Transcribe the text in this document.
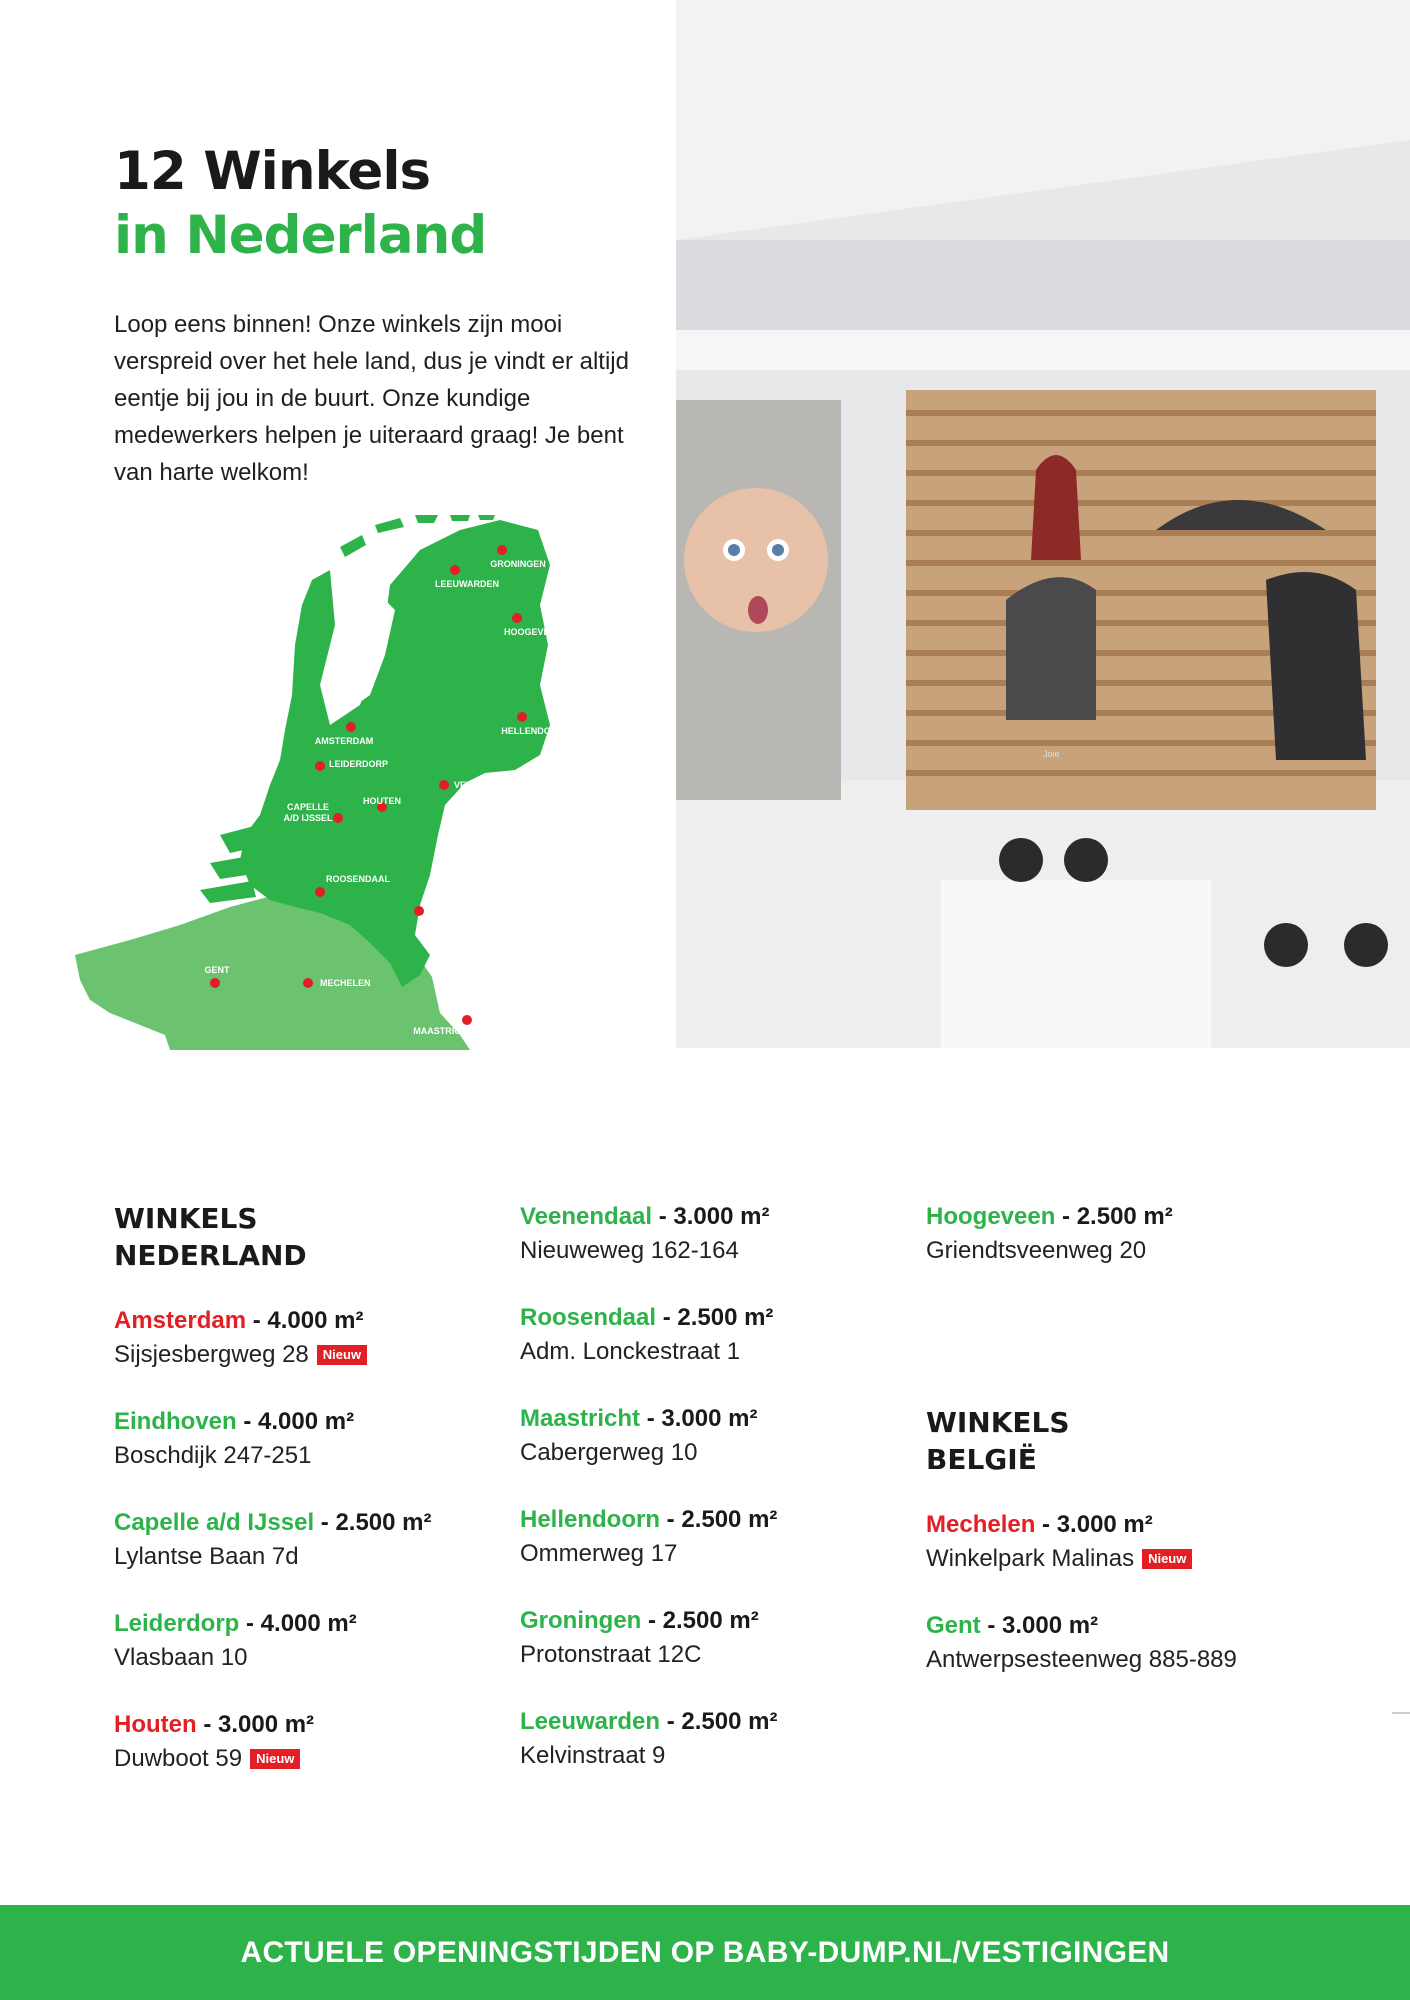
12 Winkels
in Nederland

Loop eens binnen! Onze winkels zijn mooi verspreid over het hele land, dus je vindt er altijd eentje bij jou in de buurt. Onze kundige medewerkers helpen je uiteraard graag! Je bent van harte welkom!

GRONINGEN
LEEUWARDEN
HOOGEVEEN
HELLENDOORN
AMSTERDAM
LEIDERDORP
VEENENDAAL
HOUTEN
CAPELLE
A/D IJSSEL
ROOSENDAAL
EINDHOVEN
GENT
MECHELEN
MAASTRICHT
Joie
WINKELS
NEDERLAND
Amsterdam - 4.000 m²
Sijsjesbergweg 28 Nieuw
Eindhoven - 4.000 m²
Boschdijk 247-251
Capelle a/d IJssel - 2.500 m²
Lylantse Baan 7d
Leiderdorp - 4.000 m²
Vlasbaan 10
Houten - 3.000 m²
Duwboot 59 Nieuw
Veenendaal - 3.000 m²
Nieuweweg 162-164
Roosendaal - 2.500 m²
Adm. Lonckestraat 1
Maastricht - 3.000 m²
Cabergerweg 10
Hellendoorn - 2.500 m²
Ommerweg 17
Groningen - 2.500 m²
Protonstraat 12C
Leeuwarden - 2.500 m²
Kelvinstraat 9
Hoogeveen - 2.500 m²
Griendtsveenweg 20
WINKELS
BELGIË
Mechelen - 3.000 m²
Winkelpark Malinas Nieuw
Gent - 3.000 m²
Antwerpsesteenweg 885-889
ACTUELE OPENINGSTIJDEN OP BABY-DUMP.NL/VESTIGINGEN
